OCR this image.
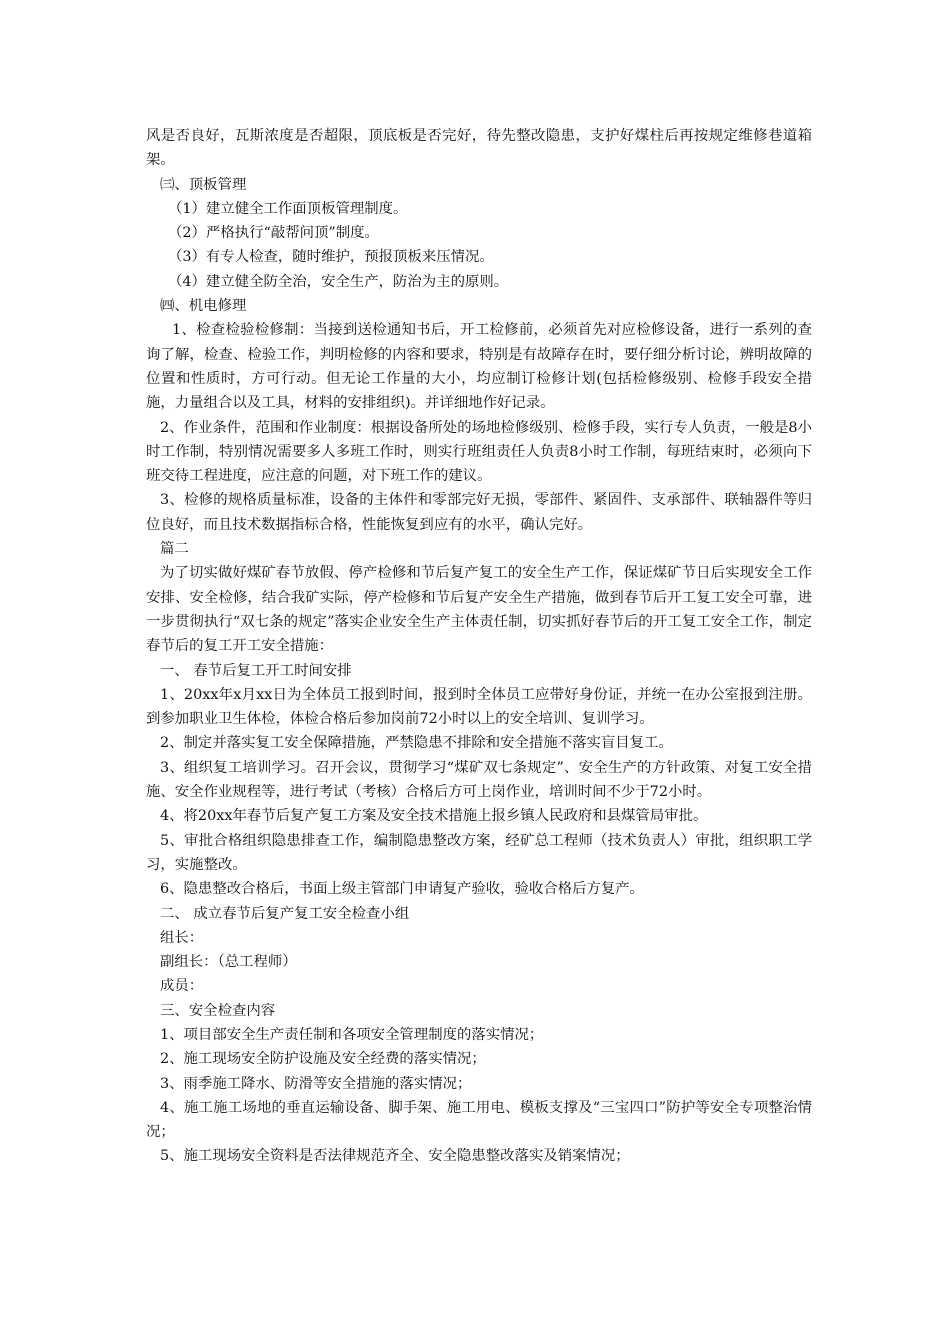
风是否良好，瓦斯浓度是否超限，顶底板是否完好，待先整改隐患，支护好煤柱后再按规定维修巷道箱架。

㈢、顶板管理

（1）建立健全工作面顶板管理制度。

（2）严格执行“敲帮问顶”制度。

（3）有专人检查，随时维护，预报顶板来压情况。

（4）建立健全防全治，安全生产，防治为主的原则。

㈣、机电修理

1、检查检验检修制：当接到送检通知书后，开工检修前，必须首先对应检修设备，进行一系列的查询了解，检查、检验工作，判明检修的内容和要求，特别是有故障存在时，要仔细分析讨论，辨明故障的位置和性质时，方可行动。但无论工作量的大小，均应制订检修计划(包括检修级别、检修手段安全措施，力量组合以及工具，材料的安排组织)。并详细地作好记录。

2、作业条件，范围和作业制度：根据设备所处的场地检修级别、检修手段，实行专人负责，一般是8小时工作制，特别情况需要多人多班工作时，则实行班组责任人负责8小时工作制，每班结束时，必须向下班交待工程进度，应注意的问题，对下班工作的建议。

3、检修的规格质量标准，设备的主体件和零部完好无损，零部件、紧固件、支承部件、联轴器件等归位良好，而且技术数据指标合格，性能恢复到应有的水平，确认完好。

篇二

为了切实做好煤矿春节放假、停产检修和节后复产复工的安全生产工作，保证煤矿节日后实现安全工作安排、安全检修，结合我矿实际，停产检修和节后复产安全生产措施，做到春节后开工复工安全可靠，进一步贯彻执行“双七条的规定”落实企业安全生产主体责任制，切实抓好春节后的开工复工安全工作，制定春节后的复工开工安全措施：

一、 春节后复工开工时间安排

1、20xx年x月xx日为全体员工报到时间，报到时全体员工应带好身份证，并统一在办公室报到注册。到参加职业卫生体检，体检合格后参加岗前72小时以上的安全培训、复训学习。

2、制定并落实复工安全保障措施，严禁隐患不排除和安全措施不落实盲目复工。

3、组织复工培训学习。召开会议，贯彻学习“煤矿双七条规定”、安全生产的方针政策、对复工安全措施、安全作业规程等，进行考试（考核）合格后方可上岗作业，培训时间不少于72小时。

4、将20xx年春节后复产复工方案及安全技术措施上报乡镇人民政府和县煤管局审批。

5、审批合格组织隐患排查工作，编制隐患整改方案，经矿总工程师（技术负责人）审批，组织职工学习，实施整改。

6、隐患整改合格后，书面上级主管部门申请复产验收，验收合格后方复产。

二、 成立春节后复产复工安全检查小组

组长：

副组长：（总工程师）

成员：

三、安全检查内容

1、项目部安全生产责任制和各项安全管理制度的落实情况；

2、施工现场安全防护设施及安全经费的落实情况；

3、雨季施工降水、防滑等安全措施的落实情况；

4、施工施工场地的垂直运输设备、脚手架、施工用电、模板支撑及“三宝四口”防护等安全专项整治情况；

5、施工现场安全资料是否法律规范齐全、安全隐患整改落实及销案情况；
